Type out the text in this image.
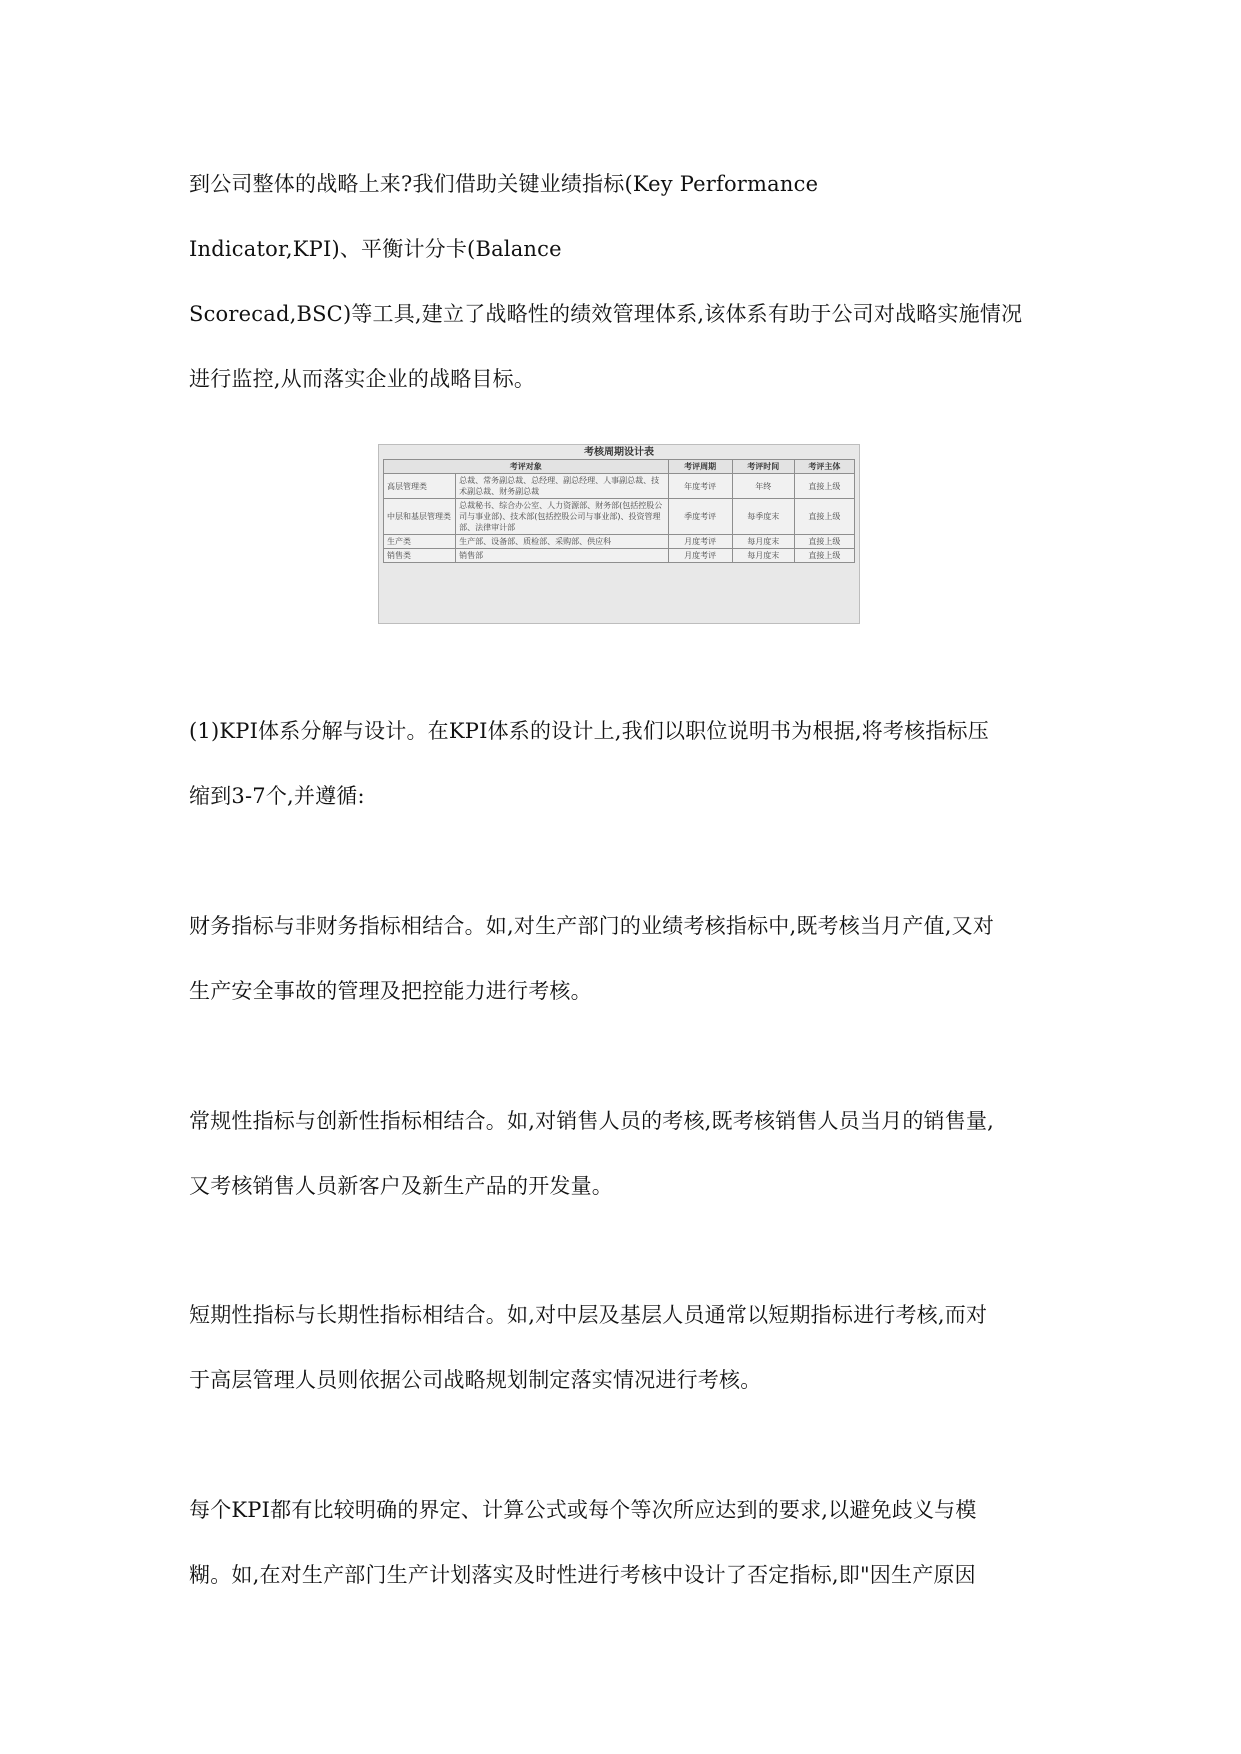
到公司整体的战略上来?我们借助关键业绩指标(Key Performance
Indicator,KPI)、平衡计分卡(Balance
Scorecad,BSC)等工具,建立了战略性的绩效管理体系,该体系有助于公司对战略实施情况
进行监控,从而落实企业的战略目标。
考核周期设计表
考评对象		考评周期	考评时间	考评主体
高层管理类	总裁、常务副总裁、总经理、副总经理、人事副总裁、技术副总裁、财务副总裁	年度考评	年终	直接上级
中层和基层管理类	总裁秘书、综合办公室、人力资源部、财务部(包括控股公司与事业部)、技术部(包括控股公司与事业部)、投资管理部、法律审计部	季度考评	每季度末	直接上级
生产类	生产部、设备部、质检部、采购部、供应科	月度考评	每月度末	直接上级
销售类	销售部	月度考评	每月度末	直接上级
(1)KPI体系分解与设计。在KPI体系的设计上,我们以职位说明书为根据,将考核指标压
缩到3-7个,并遵循:
财务指标与非财务指标相结合。如,对生产部门的业绩考核指标中,既考核当月产值,又对
生产安全事故的管理及把控能力进行考核。
常规性指标与创新性指标相结合。如,对销售人员的考核,既考核销售人员当月的销售量,
又考核销售人员新客户及新生产品的开发量。
短期性指标与长期性指标相结合。如,对中层及基层人员通常以短期指标进行考核,而对
于高层管理人员则依据公司战略规划制定落实情况进行考核。
每个KPI都有比较明确的界定、计算公式或每个等次所应达到的要求,以避免歧义与模
糊。如,在对生产部门生产计划落实及时性进行考核中设计了否定指标,即"因生产原因
